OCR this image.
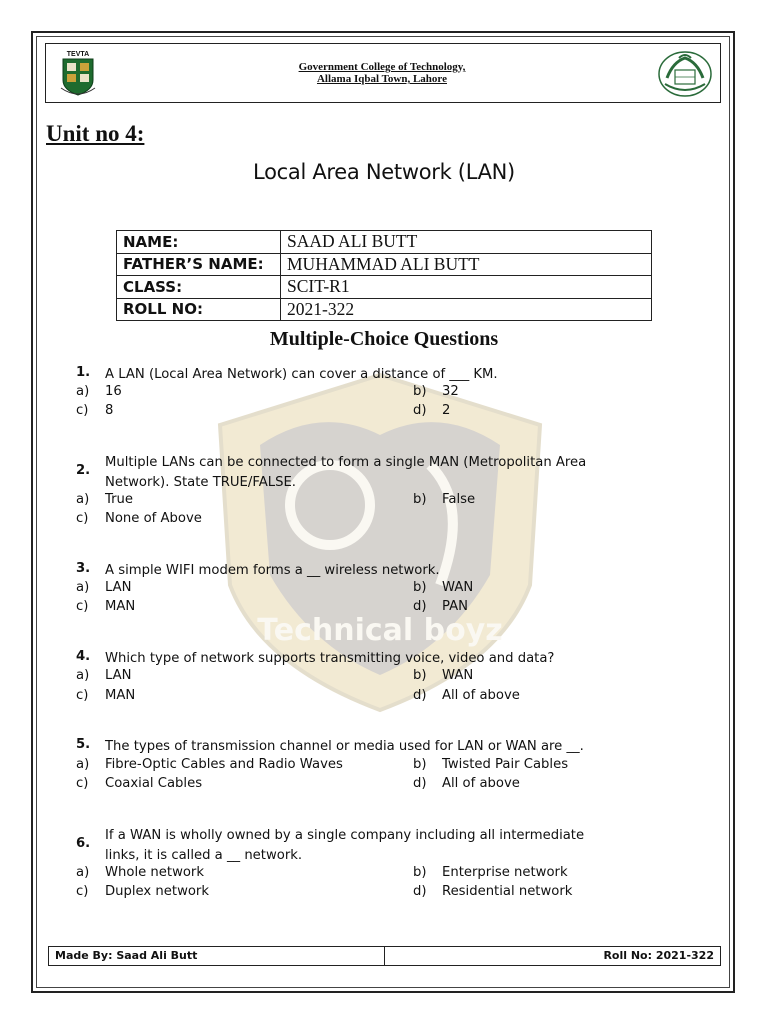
TEVTA
Government College of Technology,
Allama Iqbal Town, Lahore
Unit no 4:
Local Area Network (LAN)
NAME:	SAAD ALI BUTT
FATHER’S NAME:	MUHAMMAD ALI BUTT
CLASS:	SCIT-R1
ROLL NO:	2021-322
Multiple-Choice Questions
Technical boyz
1. A LAN (Local Area Network) can cover a distance of ___ KM.
a) 16	b) 32
c) 8	d) 2
2.
Multiple LANs can be connected to form a single MAN (Metropolitan Area Network). State TRUE/FALSE.
a) True	b) False
c) None of Above
3. A simple WIFI modem forms a __ wireless network.
a) LAN	b) WAN
c) MAN	d) PAN
4. Which type of network supports transmitting voice, video and data?
a) LAN	b) WAN
c) MAN	d) All of above
5. The types of transmission channel or media used for LAN or WAN are __.
a) Fibre-Optic Cables and Radio Waves	b) Twisted Pair Cables
c) Coaxial Cables	d) All of above
6.
If a WAN is wholly owned by a single company including all intermediate links, it is called a __ network.
a) Whole network	b) Enterprise network
c) Duplex network	d) Residential network
Made By: Saad Ali Butt	Roll No: 2021-322
